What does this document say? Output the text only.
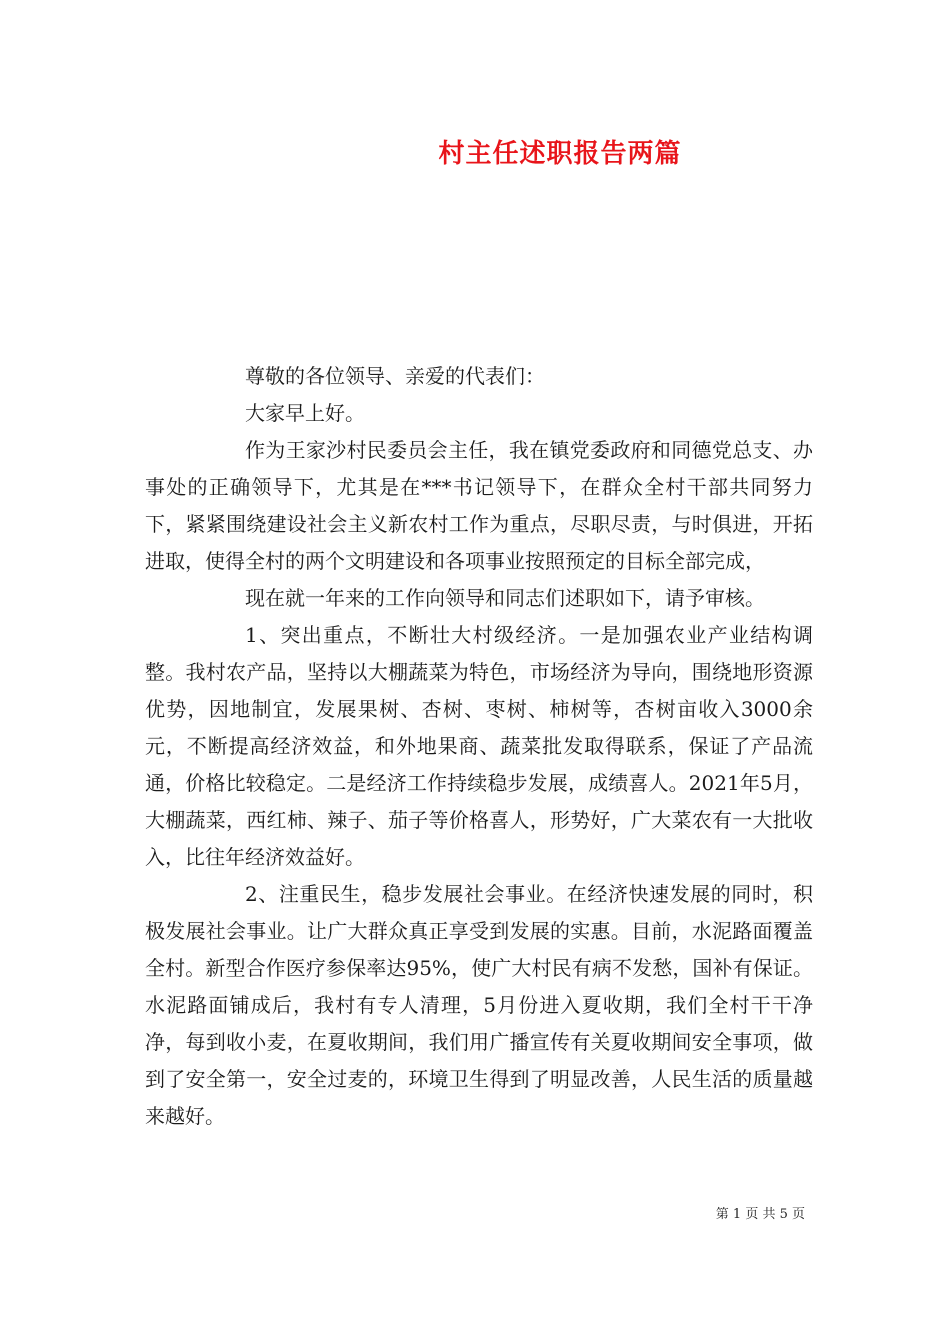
村主任述职报告两篇

尊敬的各位领导、亲爱的代表们：

大家早上好。

作为王家沙村民委员会主任，我在镇党委政府和同德党总支、办事处的正确领导下，尤其是在***书记领导下，在群众全村干部共同努力下，紧紧围绕建设社会主义新农村工作为重点，尽职尽责，与时俱进，开拓进取，使得全村的两个文明建设和各项事业按照预定的目标全部完成，

现在就一年来的工作向领导和同志们述职如下，请予审核。

1、突出重点，不断壮大村级经济。一是加强农业产业结构调整。我村农产品，坚持以大棚蔬菜为特色，市场经济为导向，围绕地形资源优势，因地制宜，发展果树、杏树、枣树、柿树等，杏树亩收入3000余元，不断提高经济效益，和外地果商、蔬菜批发取得联系，保证了产品流通，价格比较稳定。二是经济工作持续稳步发展，成绩喜人。2021年5月，大棚蔬菜，西红柿、辣子、茄子等价格喜人，形势好，广大菜农有一大批收入，比往年经济效益好。

2、注重民生，稳步发展社会事业。在经济快速发展的同时，积极发展社会事业。让广大群众真正享受到发展的实惠。目前，水泥路面覆盖全村。新型合作医疗参保率达95%，使广大村民有病不发愁，国补有保证。水泥路面铺成后，我村有专人清理，5月份进入夏收期，我们全村干干净净，每到收小麦，在夏收期间，我们用广播宣传有关夏收期间安全事项，做到了安全第一，安全过麦的，环境卫生得到了明显改善，人民生活的质量越来越好。

第 1 页 共 5 页
